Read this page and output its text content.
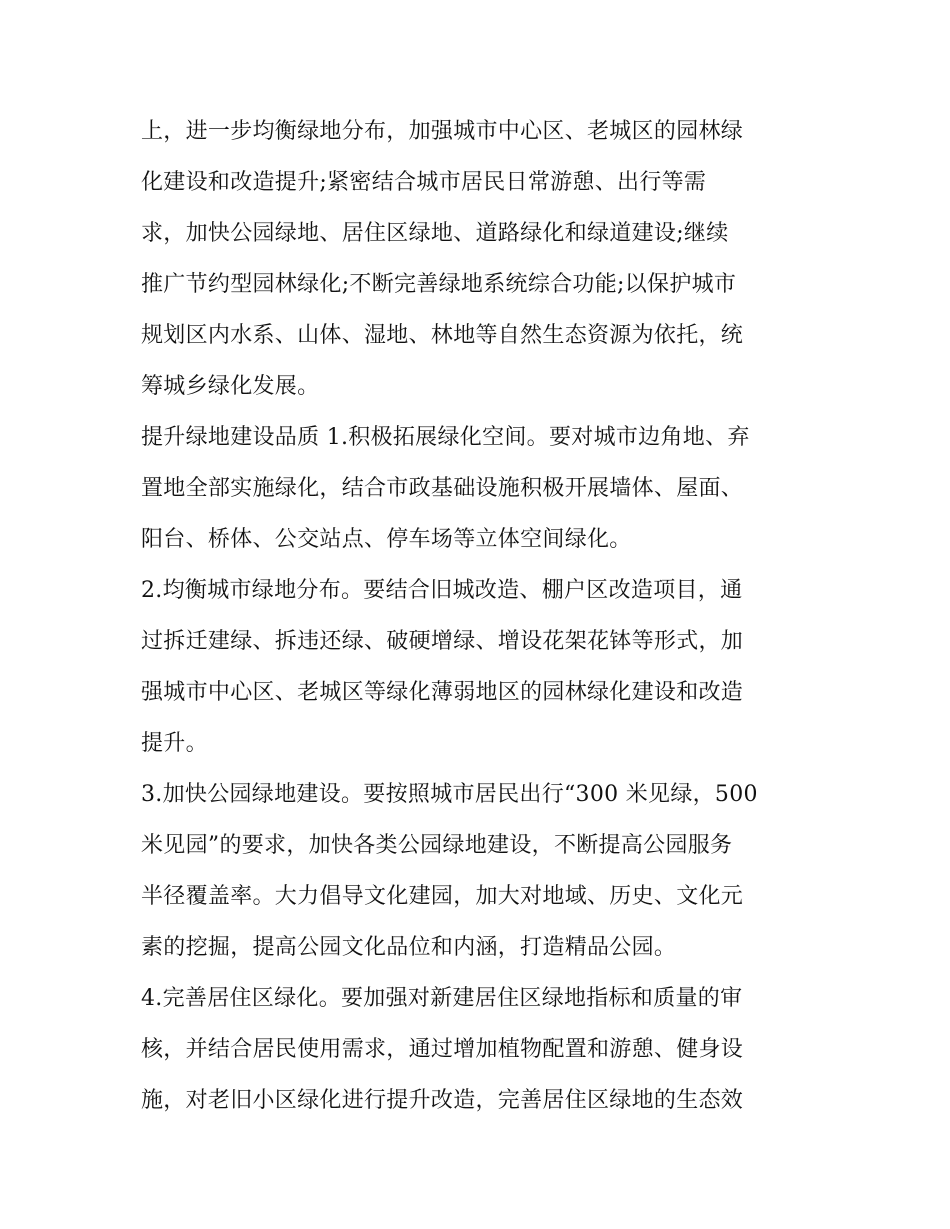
上，进一步均衡绿地分布，加强城市中心区、老城区的园林绿
化建设和改造提升;紧密结合城市居民日常游憩、出行等需
求，加快公园绿地、居住区绿地、道路绿化和绿道建设;继续
推广节约型园林绿化;不断完善绿地系统综合功能;以保护城市
规划区内水系、山体、湿地、林地等自然生态资源为依托，统
筹城乡绿化发展。
提升绿地建设品质 1.积极拓展绿化空间。要对城市边角地、弃
置地全部实施绿化，结合市政基础设施积极开展墙体、屋面、
阳台、桥体、公交站点、停车场等立体空间绿化。
2.均衡城市绿地分布。要结合旧城改造、棚户区改造项目，通
过拆迁建绿、拆违还绿、破硬增绿、增设花架花钵等形式，加
强城市中心区、老城区等绿化薄弱地区的园林绿化建设和改造
提升。
3.加快公园绿地建设。要按照城市居民出行“300 米见绿，500
米见园”的要求，加快各类公园绿地建设，不断提高公园服务
半径覆盖率。大力倡导文化建园，加大对地域、历史、文化元
素的挖掘，提高公园文化品位和内涵，打造精品公园。
4.完善居住区绿化。要加强对新建居住区绿地指标和质量的审
核，并结合居民使用需求，通过增加植物配置和游憩、健身设
施，对老旧小区绿化进行提升改造，完善居住区绿地的生态效
